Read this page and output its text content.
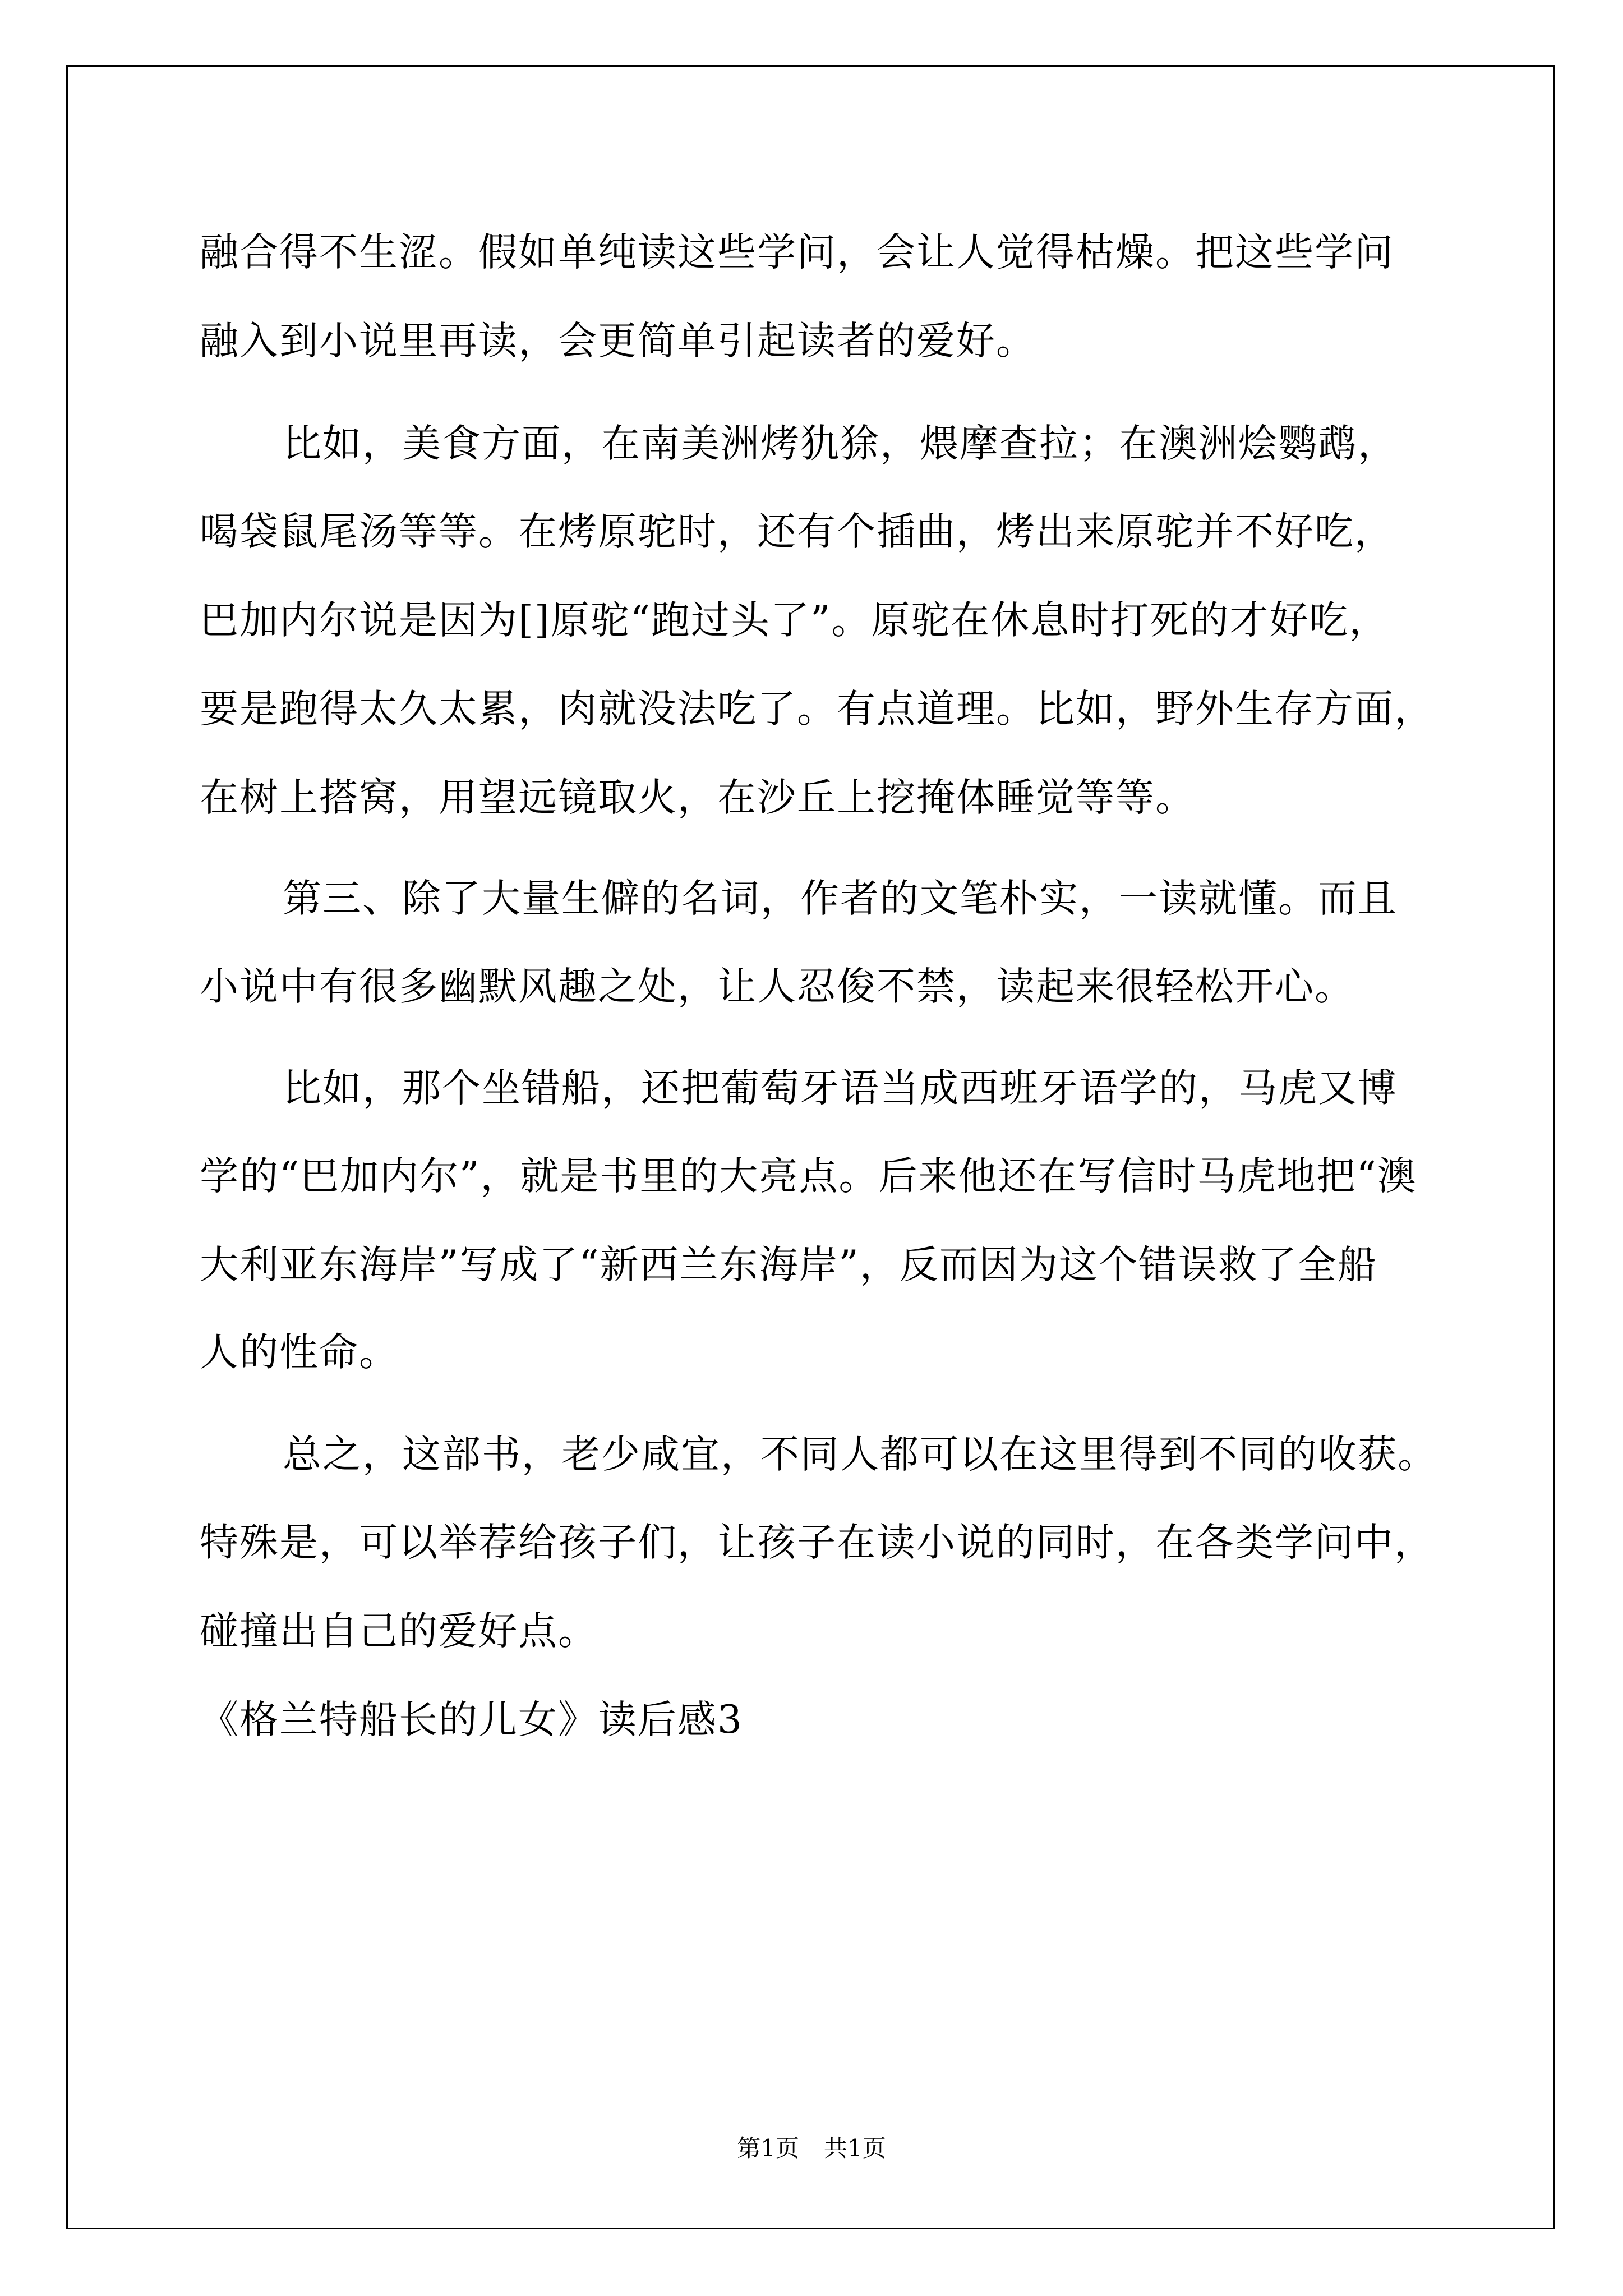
融合得不生涩。假如单纯读这些学问，会让人觉得枯燥。把这些学问
融入到小说里再读，会更简单引起读者的爱好。
比如，美食方面，在南美洲烤犰狳，煨摩查拉；在澳洲烩鹦鹉，
喝袋鼠尾汤等等。在烤原驼时，还有个插曲，烤出来原驼并不好吃，
巴加内尔说是因为[]原驼“跑过头了”。原驼在休息时打死的才好吃，
要是跑得太久太累，肉就没法吃了。有点道理。比如，野外生存方面，
在树上搭窝，用望远镜取火，在沙丘上挖掩体睡觉等等。
第三、除了大量生僻的名词，作者的文笔朴实，一读就懂。而且
小说中有很多幽默风趣之处，让人忍俊不禁，读起来很轻松开心。
比如，那个坐错船，还把葡萄牙语当成西班牙语学的，马虎又博
学的“巴加内尔”，就是书里的大亮点。后来他还在写信时马虎地把“澳
大利亚东海岸”写成了“新西兰东海岸”，反而因为这个错误救了全船
人的性命。
总之，这部书，老少咸宜，不同人都可以在这里得到不同的收获。
特殊是，可以举荐给孩子们，让孩子在读小说的同时，在各类学问中，
碰撞出自己的爱好点。
《格兰特船长的儿女》读后感3
第1页 共1页
